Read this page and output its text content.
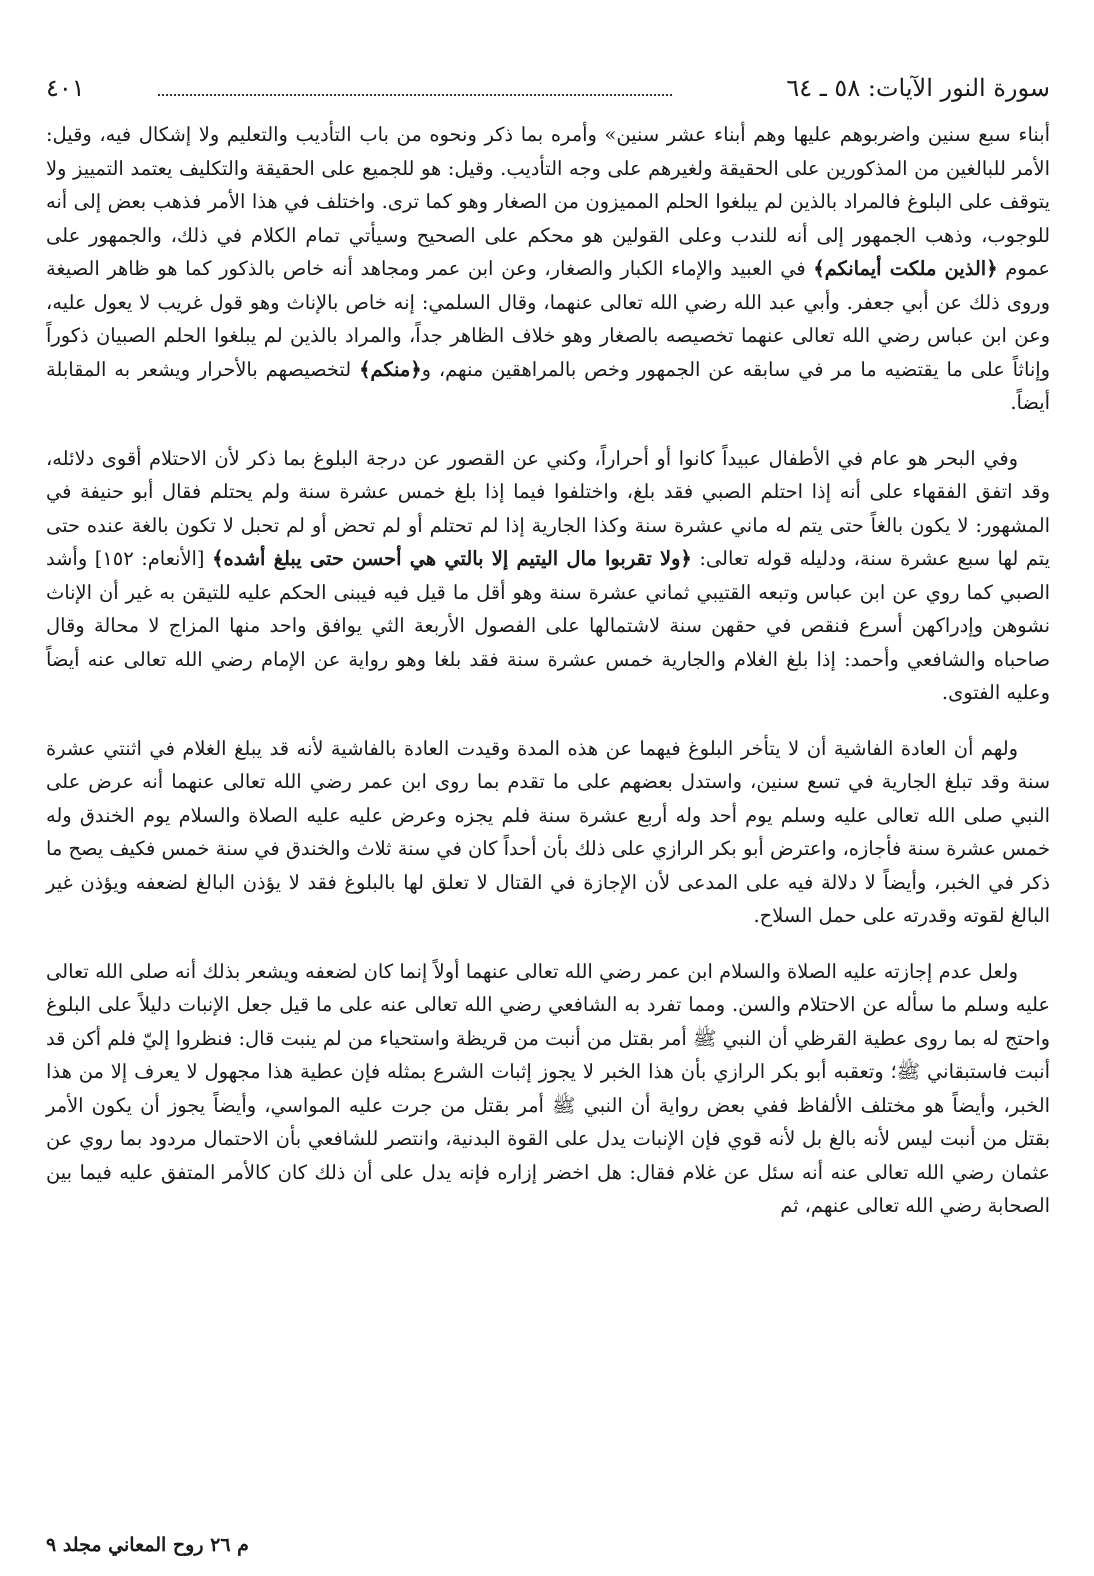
سورة النور الآيات: ٥٨ ـ ٦٤
٤٠١

أبناء سبع سنين واضربوهم عليها وهم أبناء عشر سنين» وأمره بما ذكر ونحوه من باب التأديب والتعليم ولا إشكال فيه، وقيل: الأمر للبالغين من المذكورين على الحقيقة ولغيرهم على وجه التأديب. وقيل: هو للجميع على الحقيقة والتكليف يعتمد التمييز ولا يتوقف على البلوغ فالمراد بالذين لم يبلغوا الحلم المميزون من الصغار وهو كما ترى. واختلف في هذا الأمر فذهب بعض إلى أنه للوجوب، وذهب الجمهور إلى أنه للندب وعلى القولين هو محكم على الصحيح وسيأتي تمام الكلام في ذلك، والجمهور على عموم ﴿الذين ملكت أيمانكم﴾ في العبيد والإماء الكبار والصغار، وعن ابن عمر ومجاهد أنه خاص بالذكور كما هو ظاهر الصيغة وروى ذلك عن أبي جعفر. وأبي عبد الله رضي الله تعالى عنهما، وقال السلمي: إنه خاص بالإناث وهو قول غريب لا يعول عليه، وعن ابن عباس رضي الله تعالى عنهما تخصيصه بالصغار وهو خلاف الظاهر جداً، والمراد بالذين لم يبلغوا الحلم الصبيان ذكوراً وإناثاً على ما يقتضيه ما مر في سابقه عن الجمهور وخص بالمراهقين منهم، و﴿منكم﴾ لتخصيصهم بالأحرار ويشعر به المقابلة أيضاً.

وفي البحر هو عام في الأطفال عبيداً كانوا أو أحراراً، وكني عن القصور عن درجة البلوغ بما ذكر لأن الاحتلام أقوى دلائله، وقد اتفق الفقهاء على أنه إذا احتلم الصبي فقد بلغ، واختلفوا فيما إذا بلغ خمس عشرة سنة ولم يحتلم فقال أبو حنيفة في المشهور: لا يكون بالغاً حتى يتم له ماني عشرة سنة وكذا الجارية إذا لم تحتلم أو لم تحض أو لم تحبل لا تكون بالغة عنده حتى يتم لها سبع عشرة سنة، ودليله قوله تعالى: ﴿ولا تقربوا مال اليتيم إلا بالتي هي أحسن حتى يبلغ أشده﴾ [الأنعام: ١٥٢] وأشد الصبي كما روي عن ابن عباس وتبعه القتيبي ثماني عشرة سنة وهو أقل ما قيل فيه فيبنى الحكم عليه للتيقن به غير أن الإناث نشوهن وإدراكهن أسرع فنقص في حقهن سنة لاشتمالها على الفصول الأربعة الثي يوافق واحد منها المزاج لا محالة وقال صاحباه والشافعي وأحمد: إذا بلغ الغلام والجارية خمس عشرة سنة فقد بلغا وهو رواية عن الإمام رضي الله تعالى عنه أيضاً وعليه الفتوى.

ولهم أن العادة الفاشية أن لا يتأخر البلوغ فيهما عن هذه المدة وقيدت العادة بالفاشية لأنه قد يبلغ الغلام في اثنتي عشرة سنة وقد تبلغ الجارية في تسع سنين، واستدل بعضهم على ما تقدم بما روى ابن عمر رضي الله تعالى عنهما أنه عرض على النبي صلى الله تعالى عليه وسلم يوم أحد وله أربع عشرة سنة فلم يجزه وعرض عليه عليه الصلاة والسلام يوم الخندق وله خمس عشرة سنة فأجازه، واعترض أبو بكر الرازي على ذلك بأن أحداً كان في سنة ثلاث والخندق في سنة خمس فكيف يصح ما ذكر في الخبر، وأيضاً لا دلالة فيه على المدعى لأن الإجازة في القتال لا تعلق لها بالبلوغ فقد لا يؤذن البالغ لضعفه ويؤذن غير البالغ لقوته وقدرته على حمل السلاح.

ولعل عدم إجازته عليه الصلاة والسلام ابن عمر رضي الله تعالى عنهما أولاً إنما كان لضعفه ويشعر بذلك أنه صلى الله تعالى عليه وسلم ما سأله عن الاحتلام والسن. ومما تفرد به الشافعي رضي الله تعالى عنه على ما قيل جعل الإنبات دليلاً على البلوغ واحتج له بما روى عطية القرظي أن النبي ﷺ أمر بقتل من أنبت من قريظة واستحياء من لم ينبت قال: فنظروا إليّ فلم أكن قد أنبت فاستبقاني ﷺ؛ وتعقبه أبو بكر الرازي بأن هذا الخبر لا يجوز إثبات الشرع بمثله فإن عطية هذا مجهول لا يعرف إلا من هذا الخبر، وأيضاً هو مختلف الألفاظ ففي بعض رواية أن النبي ﷺ أمر بقتل من جرت عليه المواسي، وأيضاً يجوز أن يكون الأمر بقتل من أنبت ليس لأنه بالغ بل لأنه قوي فإن الإنبات يدل على القوة البدنية، وانتصر للشافعي بأن الاحتمال مردود بما روي عن عثمان رضي الله تعالى عنه أنه سئل عن غلام فقال: هل اخضر إزاره فإنه يدل على أن ذلك كان كالأمر المتفق عليه فيما بين الصحابة رضي الله تعالى عنهم، ثم

م ٢٦ روح المعاني مجلد ٩
